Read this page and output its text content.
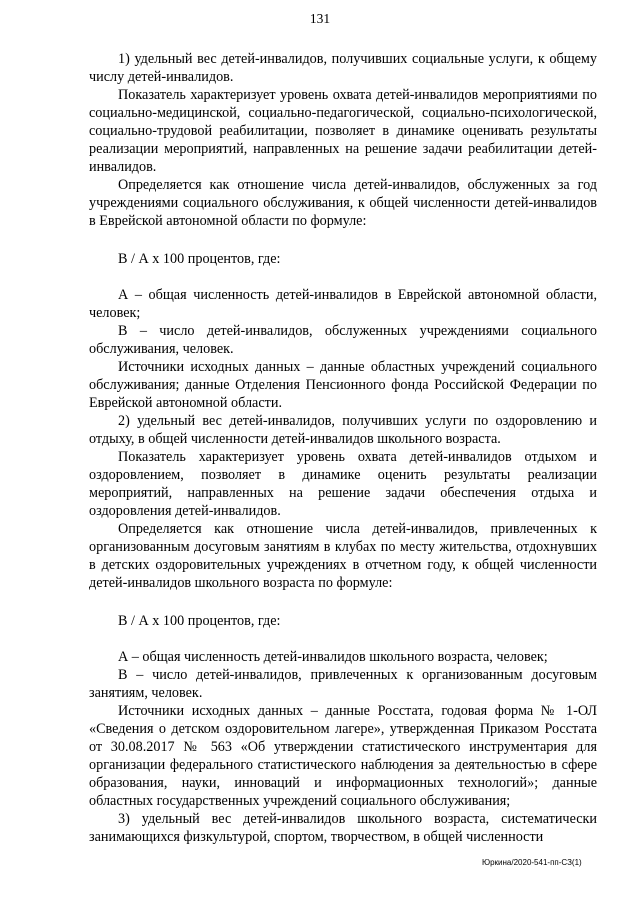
131

1) удельный вес детей-инвалидов, получивших социальные услуги, к общему числу детей-инвалидов.

Показатель характеризует уровень охвата детей-инвалидов мероприятиями по социально-медицинской, социально-педагогической, социально-психологической, социально-трудовой реабилитации, позволяет в динамике оценивать результаты реализации мероприятий, направленных на решение задачи реабилитации детей-инвалидов.

Определяется как отношение числа детей-инвалидов, обслуженных за год учреждениями социального обслуживания, к общей численности детей-инвалидов в Еврейской автономной области по формуле:

В / А х 100 процентов, где:

А – общая численность детей-инвалидов в Еврейской автономной области, человек;

В – число детей-инвалидов, обслуженных учреждениями социального обслуживания, человек.

Источники исходных данных – данные областных учреждений социального обслуживания; данные Отделения Пенсионного фонда Российской Федерации по Еврейской автономной области.

2) удельный вес детей-инвалидов, получивших услуги по оздоровлению и отдыху, в общей численности детей-инвалидов школьного возраста.

Показатель характеризует уровень охвата детей-инвалидов отдыхом и оздоровлением, позволяет в динамике оценить результаты реализации мероприятий, направленных на решение задачи обеспечения отдыха и оздоровления детей-инвалидов.

Определяется как отношение числа детей-инвалидов, привлеченных к организованным досуговым занятиям в клубах по месту жительства, отдохнувших в детских оздоровительных учреждениях в отчетном году, к общей численности детей-инвалидов школьного возраста по формуле:

В / А х 100 процентов, где:

А – общая численность детей-инвалидов школьного возраста, человек;

В – число детей-инвалидов, привлеченных к организованным досуговым занятиям, человек.

Источники исходных данных – данные Росстата, годовая форма № 1-ОЛ «Сведения о детском оздоровительном лагере», утвержденная Приказом Росстата от 30.08.2017 № 563 «Об утверждении статистического инструментария для организации федерального статистического наблюдения за деятельностью в сфере образования, науки, инноваций и информационных технологий»; данные областных государственных учреждений социального обслуживания;

3) удельный вес детей-инвалидов школьного возраста, систематически занимающихся физкультурой, спортом, творчеством, в общей численности

Юркина/2020-541-пп-СЗ(1)
